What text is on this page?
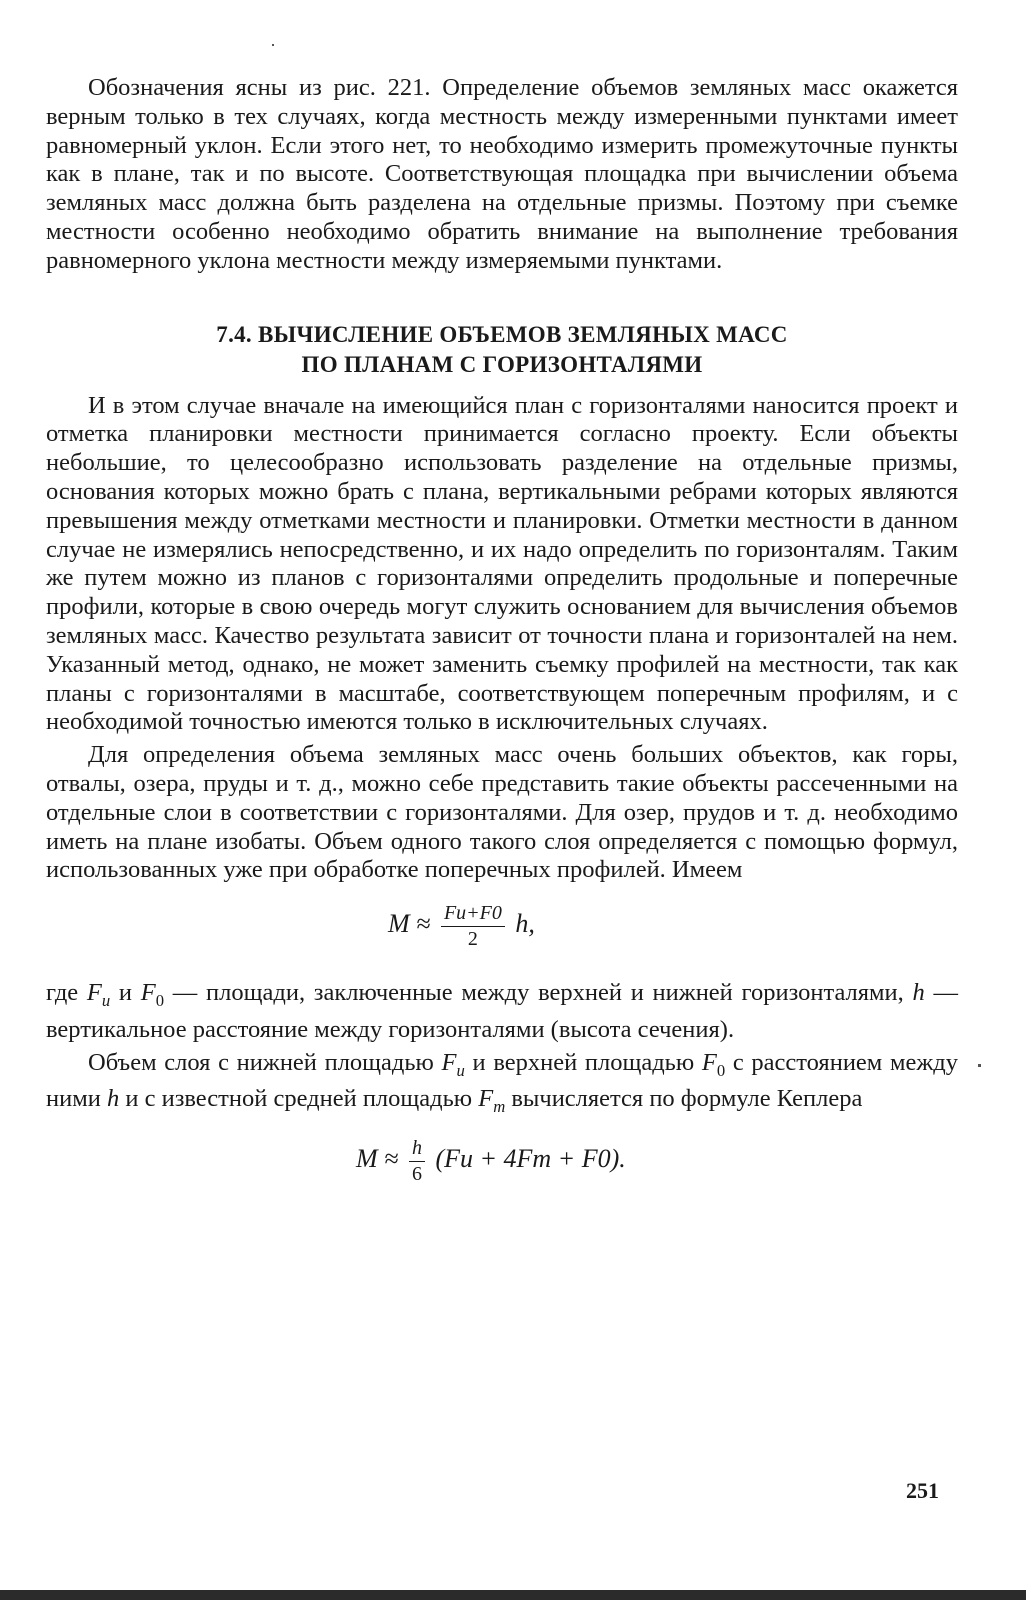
Обозначения ясны из рис. 221. Определение объемов земляных масс окажется верным только в тех случаях, когда местность между измеренными пунктами имеет равномерный уклон. Если этого нет, то необходимо измерить промежуточные пункты как в плане, так и по высоте. Соответствующая площадка при вычислении объема земляных масс должна быть разделена на отдельные призмы. Поэтому при съемке местности особенно необходимо обратить внимание на выполнение требования равномерного уклона местности между измеряемыми пунктами.

7.4. ВЫЧИСЛЕНИЕ ОБЪЕМОВ ЗЕМЛЯНЫХ МАСС
ПО ПЛАНАМ С ГОРИЗОНТАЛЯМИ

И в этом случае вначале на имеющийся план с горизонталями наносится проект и отметка планировки местности принимается согласно проекту. Если объекты небольшие, то целесообразно использовать разделение на отдельные призмы, основания которых можно брать с плана, вертикальными ребрами которых являются превышения между отметками местности и планировки. Отметки местности в данном случае не измерялись непосредственно, и их надо определить по горизонталям. Таким же путем можно из планов с горизонталями определить продольные и поперечные профили, которые в свою очередь могут служить основанием для вычисления объемов земляных масс. Качество результата зависит от точности плана и горизонталей на нем. Указанный метод, однако, не может заменить съемку профилей на местности, так как планы с горизонталями в масштабе, соответствующем поперечным профилям, и с необходимой точностью имеются только в исключительных случаях.

Для определения объема земляных масс очень больших объектов, как горы, отвалы, озера, пруды и т. д., можно себе представить такие объекты рассеченными на отдельные слои в соответствии с горизонталями. Для озер, прудов и т. д. необходимо иметь на плане изобаты. Объем одного такого слоя определяется с помощью формул, использованных уже при обработке поперечных профилей. Имеем

$M \approx \frac{Fu+F0}{2} h$,

где $F_u$ и $F_0$ — площади, заключенные между верхней и нижней горизонталями, h — вертикальное расстояние между горизонталями (высота сечения).

Объем слоя с нижней площадью $F_u$ и верхней площадью $F_0$ с расстоянием между ними h и с известной средней площадью $F_m$ вычисляется по формуле Кеплера

$M \approx \frac{h}{6} (Fu + 4Fm + F0)$.
251
